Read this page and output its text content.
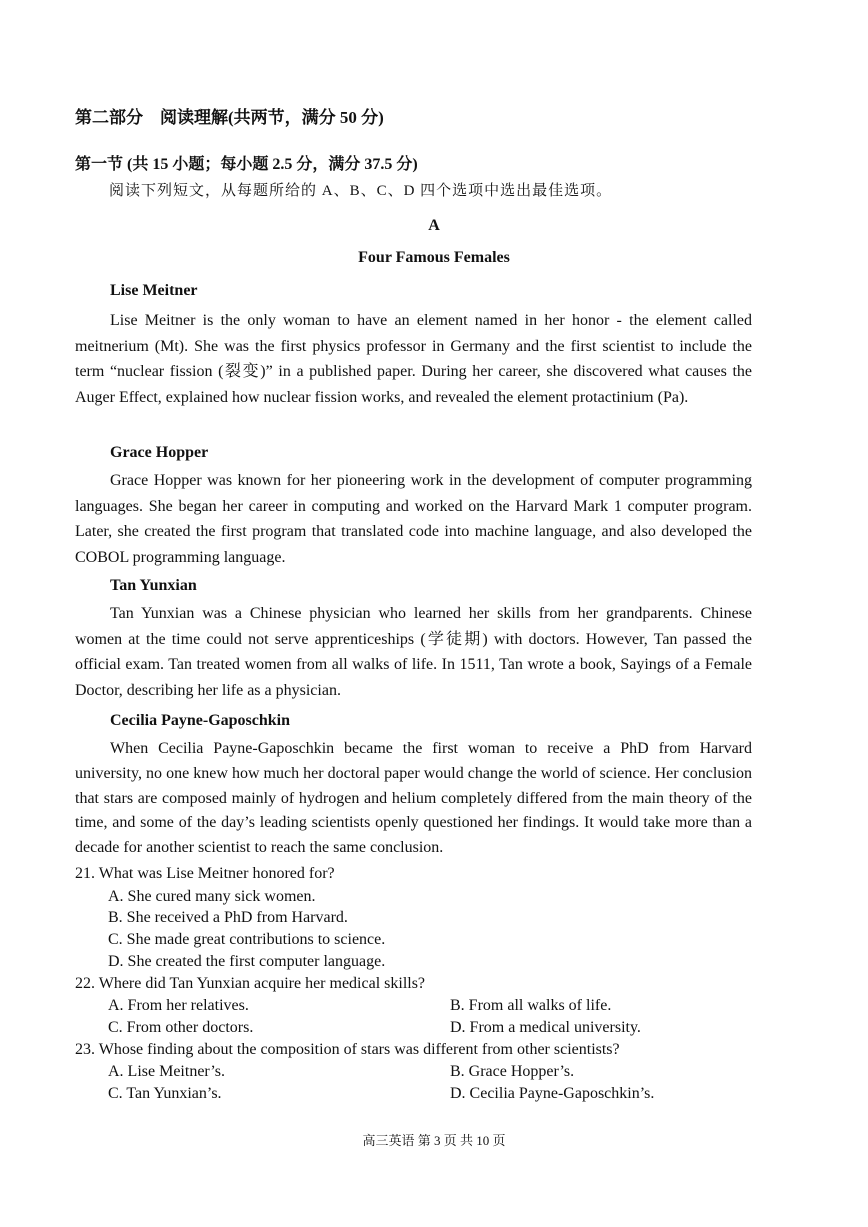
第二部分　阅读理解(共两节，满分 50 分)
第一节 (共 15 小题；每小题 2.5 分，满分 37.5 分)
阅读下列短文，从每题所给的 A、B、C、D 四个选项中选出最佳选项。
A
Four Famous Females
Lise Meitner
Lise Meitner is the only woman to have an element named in her honor - the element called meitnerium (Mt). She was the first physics professor in Germany and the first scientist to include the term “nuclear fission (裂变)” in a published paper. During her career, she discovered what causes the Auger Effect, explained how nuclear fission works, and revealed the element protactinium (Pa).
Grace Hopper
Grace Hopper was known for her pioneering work in the development of computer programming languages. She began her career in computing and worked on the Harvard Mark 1 computer program. Later, she created the first program that translated code into machine language, and also developed the COBOL programming language.
Tan Yunxian
Tan Yunxian was a Chinese physician who learned her skills from her grandparents. Chinese women at the time could not serve apprenticeships (学徒期) with doctors. However, Tan passed the official exam. Tan treated women from all walks of life. In 1511, Tan wrote a book, Sayings of a Female Doctor, describing her life as a physician.
Cecilia Payne-Gaposchkin
When Cecilia Payne-Gaposchkin became the first woman to receive a PhD from Harvard university, no one knew how much her doctoral paper would change the world of science. Her conclusion that stars are composed mainly of hydrogen and helium completely differed from the main theory of the time, and some of the day’s leading scientists openly questioned her findings. It would take more than a decade for another scientist to reach the same conclusion.
21. What was Lise Meitner honored for?
A. She cured many sick women.
B. She received a PhD from Harvard.
C. She made great contributions to science.
D. She created the first computer language.
22. Where did Tan Yunxian acquire her medical skills?
A. From her relatives.	B. From all walks of life.
C. From other doctors.	D. From a medical university.
23. Whose finding about the composition of stars was different from other scientists?
A. Lise Meitner’s.	B. Grace Hopper’s.
C. Tan Yunxian’s.	D. Cecilia Payne-Gaposchkin’s.
高三英语 第 3 页 共 10 页
